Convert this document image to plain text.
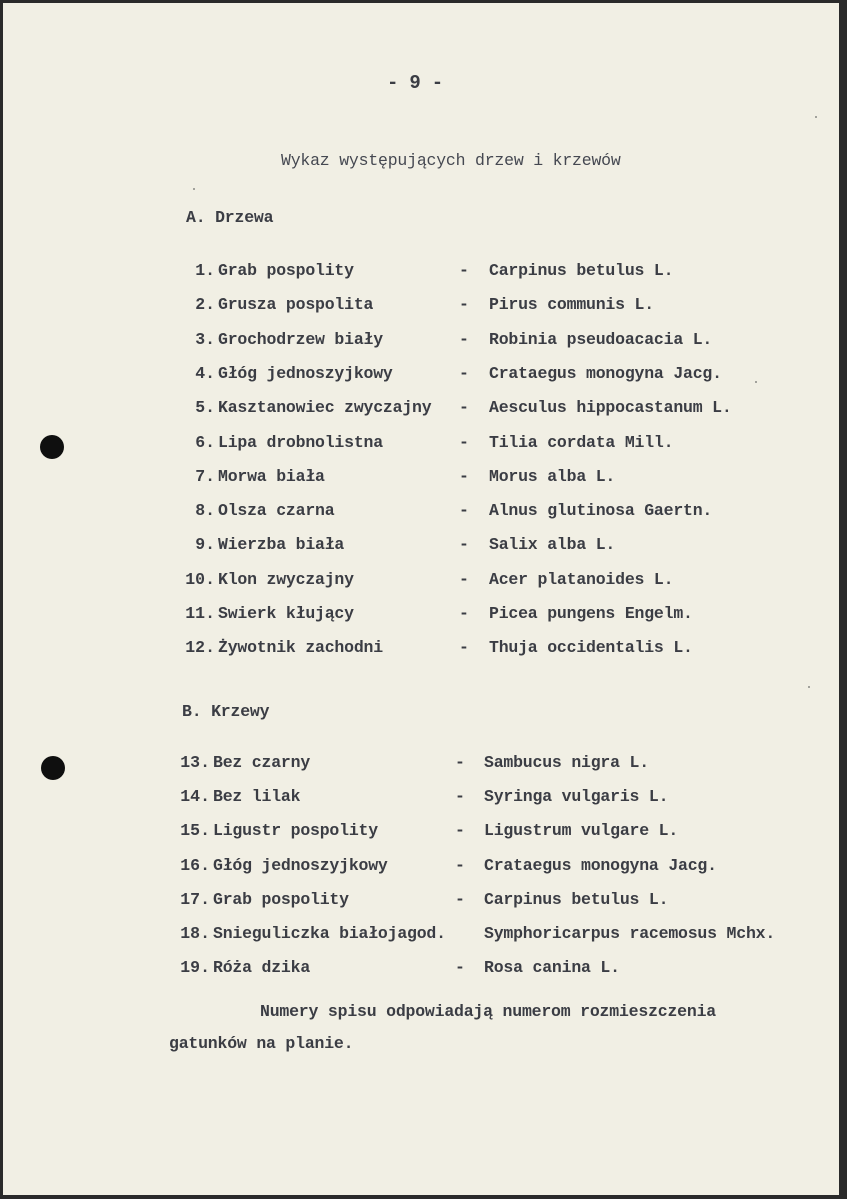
- 9 -
Wykaz występujących drzew i krzewów
A. Drzewa
1. Grab pospolity	- Carpinus betulus L.
2. Grusza pospolita	- Pirus communis L.
3. Grochodrzew biały	- Robinia pseudoacacia L.
4. Głóg jednoszyjkowy	- Crataegus monogyna Jacg.
5. Kasztanowiec zwyczajny - Aesculus hippocastanum L.
6. Lipa drobnolistna	- Tilia cordata Mill.
7. Morwa biała	- Morus alba L.
8. Olsza czarna	- Alnus glutinosa Gaertn.
9. Wierzba biała	- Salix alba L.
10. Klon zwyczajny	- Acer platanoides L.
11. Swierk kłujący	- Picea pungens Engelm.
12. Żywotnik zachodni	- Thuja occidentalis L.
B. Krzewy
13. Bez czarny	- Sambucus nigra L.
14. Bez lilak	- Syringa vulgaris L.
15. Ligustr pospolity	- Ligustrum vulgare L.
16. Głóg jednoszyjkowy	- Crataegus monogyna Jacg.
17. Grab pospolity	- Carpinus betulus L.
18. Snieguliczka białojagod. Symphoricarpus racemosus Mchx.
19. Róża dzika	- Rosa canina L.
Numery spisu odpowiadają numerom rozmieszczenia
gatunków na planie.
